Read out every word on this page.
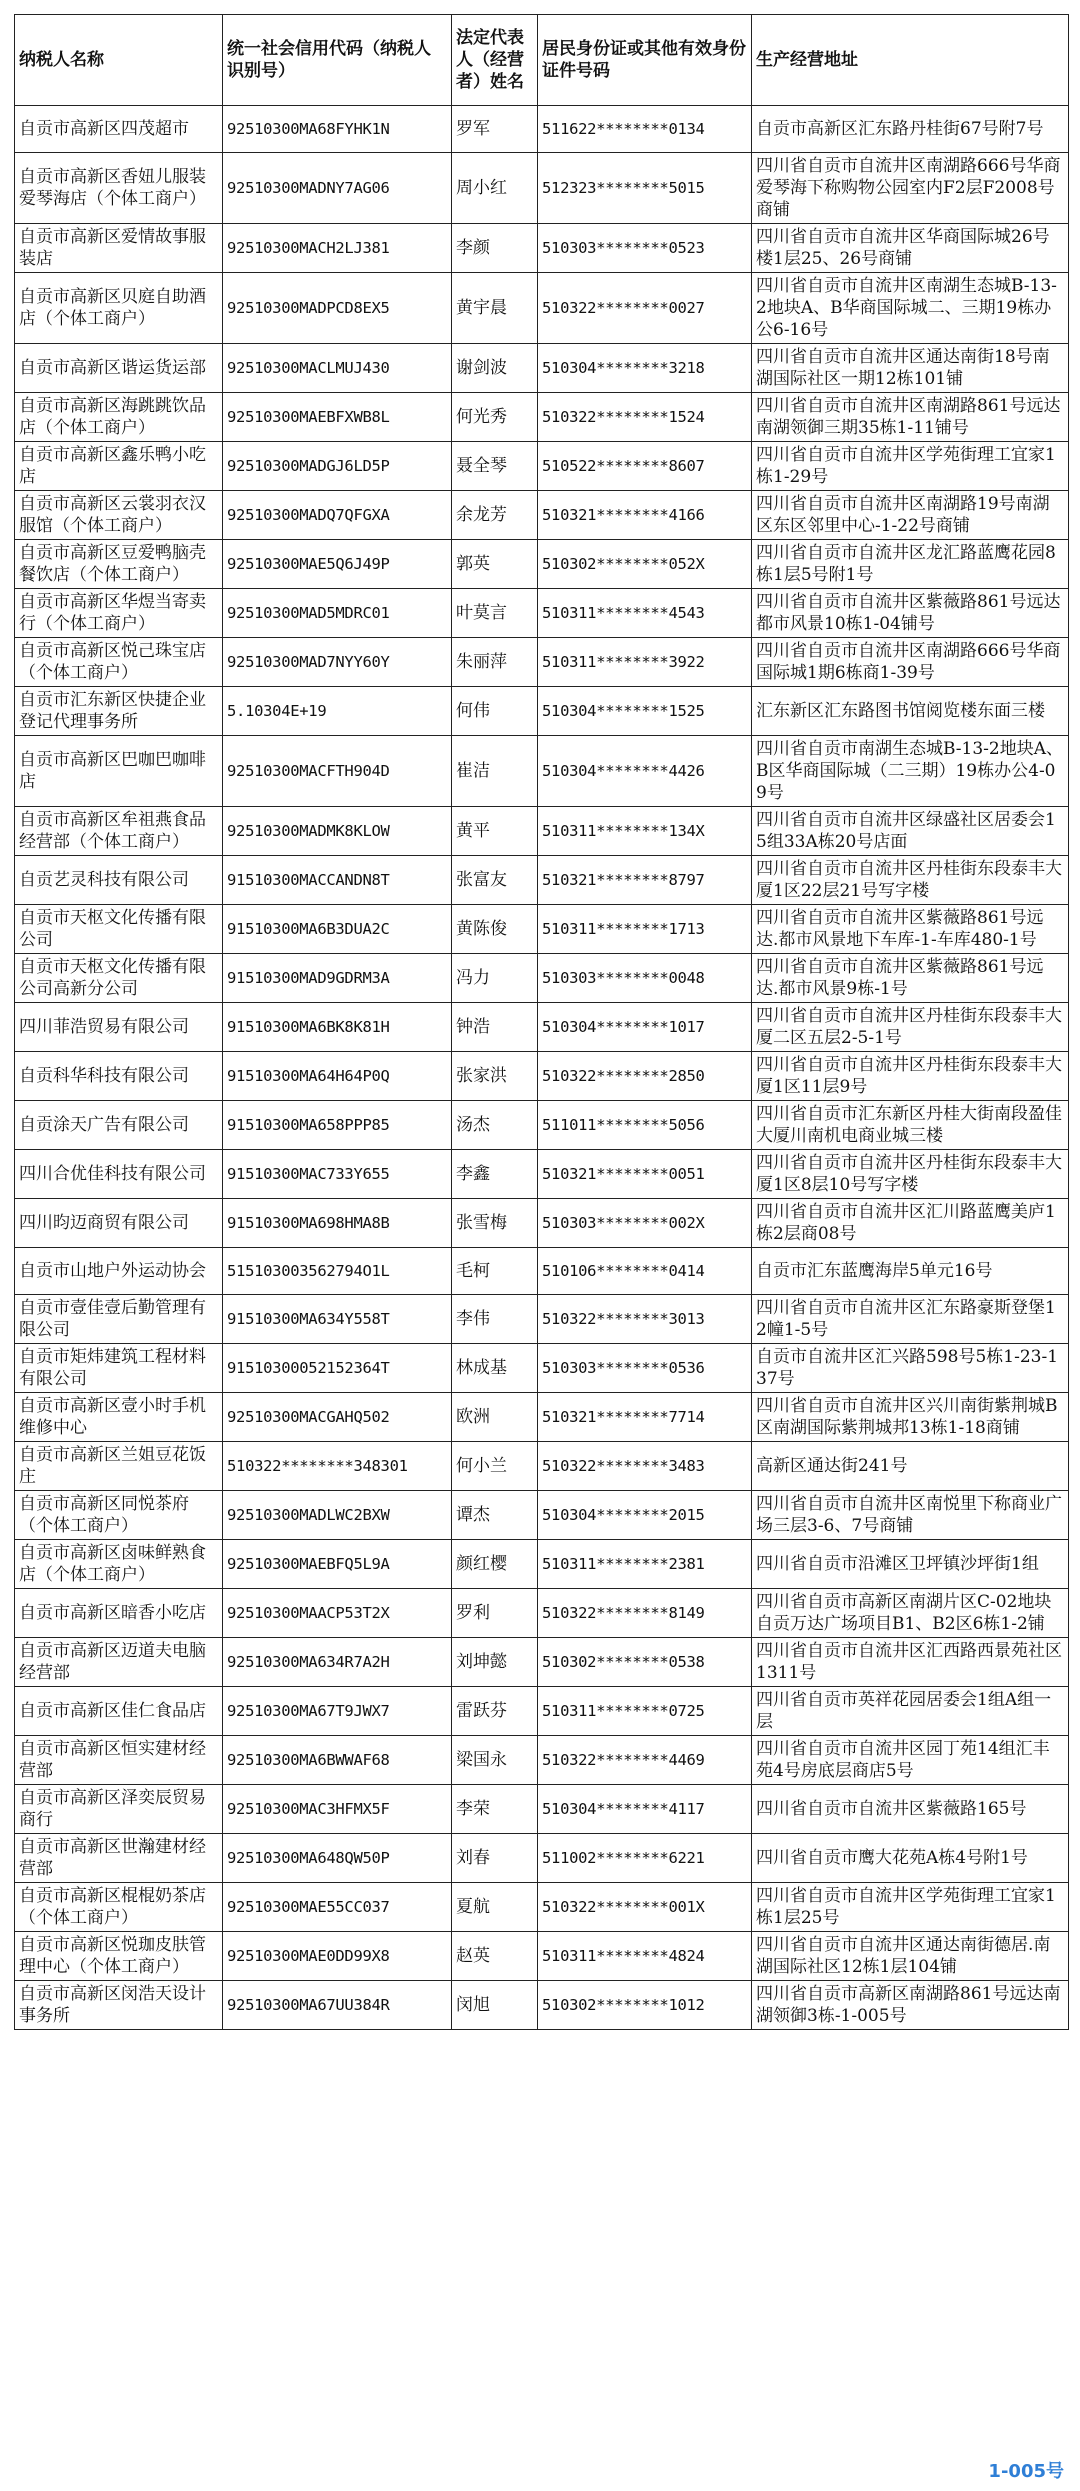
纳税人名称	统一社会信用代码（纳税人识别号）	法定代表人（经营者）姓名	居民身份证或其他有效身份证件号码	生产经营地址
自贡市高新区四茂超市	92510300MA68FYHK1N	罗军	511622********0134	自贡市高新区汇东路丹桂街67号附7号
自贡市高新区香妞儿服装爱琴海店（个体工商户）	92510300MADNY7AG06	周小红	512323********5015	四川省自贡市自流井区南湖路666号华商爱琴海下称购物公园室内F2层F2008号商铺
自贡市高新区爱情故事服装店	92510300MACH2LJ381	李颜	510303********0523	四川省自贡市自流井区华商国际城26号楼1层25、26号商铺
自贡市高新区贝庭自助酒店（个体工商户）	92510300MADPCD8EX5	黄宇晨	510322********0027	四川省自贡市自流井区南湖生态城B-13-2地块A、B华商国际城二、三期19栋办公6-16号
自贡市高新区谐运货运部	92510300MACLMUJ430	谢剑波	510304********3218	四川省自贡市自流井区通达南街18号南湖国际社区一期12栋101铺
自贡市高新区海跳跳饮品店（个体工商户）	92510300MAEBFXWB8L	何光秀	510322********1524	四川省自贡市自流井区南湖路861号远达南湖领御三期35栋1-11铺号
自贡市高新区鑫乐鸭小吃店	92510300MADGJ6LD5P	聂全琴	510522********8607	四川省自贡市自流井区学苑街理工宜家1栋1-29号
自贡市高新区云裳羽衣汉服馆（个体工商户）	92510300MADQ7QFGXA	余龙芳	510321********4166	四川省自贡市自流井区南湖路19号南湖区东区邻里中心-1-22号商铺
自贡市高新区豆爱鸭脑壳餐饮店（个体工商户）	92510300MAE5Q6J49P	郭英	510302********052X	四川省自贡市自流井区龙汇路蓝鹰花园8栋1层5号附1号
自贡市高新区华煜当寄卖行（个体工商户）	92510300MAD5MDRC01	叶莫言	510311********4543	四川省自贡市自流井区紫薇路861号远达都市风景10栋1-04铺号
自贡市高新区悦己珠宝店（个体工商户）	92510300MAD7NYY60Y	朱丽萍	510311********3922	四川省自贡市自流井区南湖路666号华商国际城1期6栋商1-39号
自贡市汇东新区快捷企业登记代理事务所	5.10304E+19	何伟	510304********1525	汇东新区汇东路图书馆阅览楼东面三楼
自贡市高新区巴咖巴咖啡店	92510300MACFTH904D	崔洁	510304********4426	四川省自贡市南湖生态城B-13-2地块A、B区华商国际城（二三期）19栋办公4-09号
自贡市高新区牟祖燕食品经营部（个体工商户）	92510300MADMK8KLOW	黄平	510311********134X	四川省自贡市自流井区绿盛社区居委会15组33A栋20号店面
自贡艺灵科技有限公司	91510300MACCANDN8T	张富友	510321********8797	四川省自贡市自流井区丹桂街东段泰丰大厦1区22层21号写字楼
自贡市天枢文化传播有限公司	91510300MA6B3DUA2C	黄陈俊	510311********1713	四川省自贡市自流井区紫薇路861号远达.都市风景地下车库-1-车库480-1号
自贡市天枢文化传播有限公司高新分公司	91510300MAD9GDRM3A	冯力	510303********0048	四川省自贡市自流井区紫薇路861号远达.都市风景9栋-1号
四川菲浩贸易有限公司	91510300MA6BK8K81H	钟浩	510304********1017	四川省自贡市自流井区丹桂街东段泰丰大厦二区五层2-5-1号
自贡科华科技有限公司	91510300MA64H64P0Q	张家洪	510322********2850	四川省自贡市自流井区丹桂街东段泰丰大厦1区11层9号
自贡涂天广告有限公司	91510300MA658PPP85	汤杰	511011********5056	四川省自贡市汇东新区丹桂大街南段盈佳大厦川南机电商业城三楼
四川合优佳科技有限公司	91510300MAC733Y655	李鑫	510321********0051	四川省自贡市自流井区丹桂街东段泰丰大厦1区8层10号写字楼
四川昀迈商贸有限公司	91510300MA698HMA8B	张雪梅	510303********002X	四川省自贡市自流井区汇川路蓝鹰美庐1栋2层商08号
自贡市山地户外运动协会	515103003562794O1L	毛柯	510106********0414	自贡市汇东蓝鹰海岸5单元16号
自贡市壹佳壹后勤管理有限公司	91510300MA634Y558T	李伟	510322********3013	四川省自贡市自流井区汇东路豪斯登堡12幢1-5号
自贡市矩炜建筑工程材料有限公司	91510300052152364T	林成基	510303********0536	自贡市自流井区汇兴路598号5栋1-23-137号
自贡市高新区壹小时手机维修中心	92510300MACGAHQ502	欧洲	510321********7714	四川省自贡市自流井区兴川南街紫荆城B区南湖国际紫荆城邦13栋1-18商铺
自贡市高新区兰姐豆花饭庄	510322********348301	何小兰	510322********3483	高新区通达街241号
自贡市高新区同悦茶府（个体工商户）	92510300MADLWC2BXW	谭杰	510304********2015	四川省自贡市自流井区南悦里下称商业广场三层3-6、7号商铺
自贡市高新区卤味鲜熟食店（个体工商户）	92510300MAEBFQ5L9A	颜红樱	510311********2381	四川省自贡市沿滩区卫坪镇沙坪街1组
自贡市高新区暗香小吃店	92510300MAACP53T2X	罗利	510322********8149	四川省自贡市高新区南湖片区C-02地块自贡万达广场项目B1、B2区6栋1-2铺
自贡市高新区迈道夫电脑经营部	92510300MA634R7A2H	刘坤懿	510302********0538	四川省自贡市自流井区汇西路西景苑社区1311号
自贡市高新区佳仁食品店	92510300MA67T9JWX7	雷跃芬	510311********0725	四川省自贡市英祥花园居委会1组A组一层
自贡市高新区恒实建材经营部	92510300MA6BWWAF68	梁国永	510322********4469	四川省自贡市自流井区园丁苑14组汇丰苑4号房底层商店5号
自贡市高新区泽奕辰贸易商行	92510300MAC3HFMX5F	李荣	510304********4117	四川省自贡市自流井区紫薇路165号
自贡市高新区世瀚建材经营部	92510300MA648QW50P	刘春	511002********6221	四川省自贡市鹰大花苑A栋4号附1号
自贡市高新区棍棍奶茶店（个体工商户）	92510300MAE55CC037	夏航	510322********001X	四川省自贡市自流井区学苑街理工宜家1栋1层25号
自贡市高新区悦珈皮肤管理中心（个体工商户）	92510300MAE0DD99X8	赵英	510311********4824	四川省自贡市自流井区通达南街德居.南湖国际社区12栋1层104铺
自贡市高新区闵浩天设计事务所	92510300MA67UU384R	闵旭	510302********1012	四川省自贡市高新区南湖路861号远达南湖领御3栋-1-005号
1-005号
